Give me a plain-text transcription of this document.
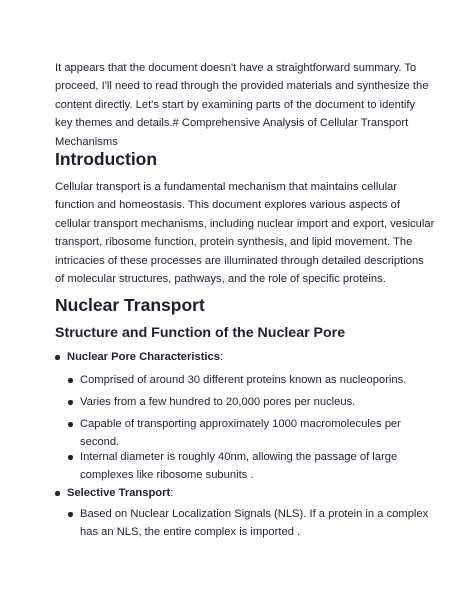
It appears that the document doesn't have a straightforward summary. To proceed, I'll need to read through the provided materials and synthesize the content directly. Let's start by examining parts of the document to identify key themes and details.# Comprehensive Analysis of Cellular Transport Mechanisms

Introduction

Cellular transport is a fundamental mechanism that maintains cellular function and homeostasis. This document explores various aspects of cellular transport mechanisms, including nuclear import and export, vesicular transport, ribosome function, protein synthesis, and lipid movement. The intricacies of these processes are illuminated through detailed descriptions of molecular structures, pathways, and the role of specific proteins.

Nuclear Transport
Structure and Function of the Nuclear Pore
Nuclear Pore Characteristics:
Comprised of around 30 different proteins known as nucleoporins.
Varies from a few hundred to 20,000 pores per nucleus.
Capable of transporting approximately 1000 macromolecules per second.
Internal diameter is roughly 40nm, allowing the passage of large complexes like ribosome subunits .
Selective Transport:
Based on Nuclear Localization Signals (NLS). If a protein in a complex has an NLS, the entire complex is imported .
